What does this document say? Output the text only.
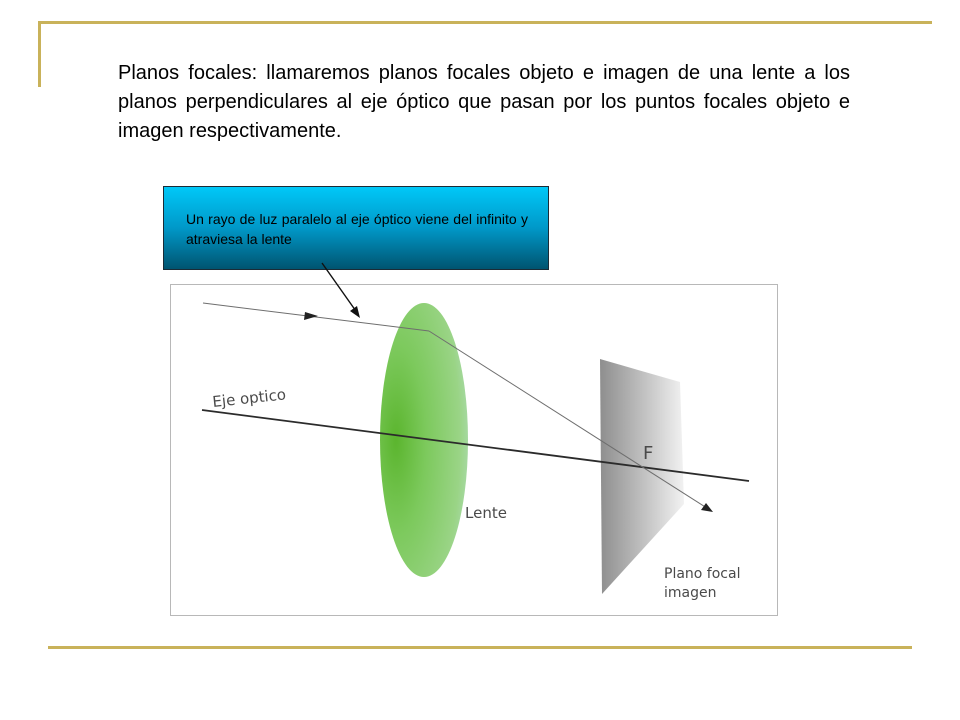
Planos focales: llamaremos planos focales objeto e imagen de una lente a los planos perpendiculares al eje óptico que pasan por los puntos focales objeto e imagen respectivamente.
Un rayo de luz paralelo al eje óptico viene del infinito y atraviesa la lente
Eje optico
F
Lente
Plano focal
imagen
